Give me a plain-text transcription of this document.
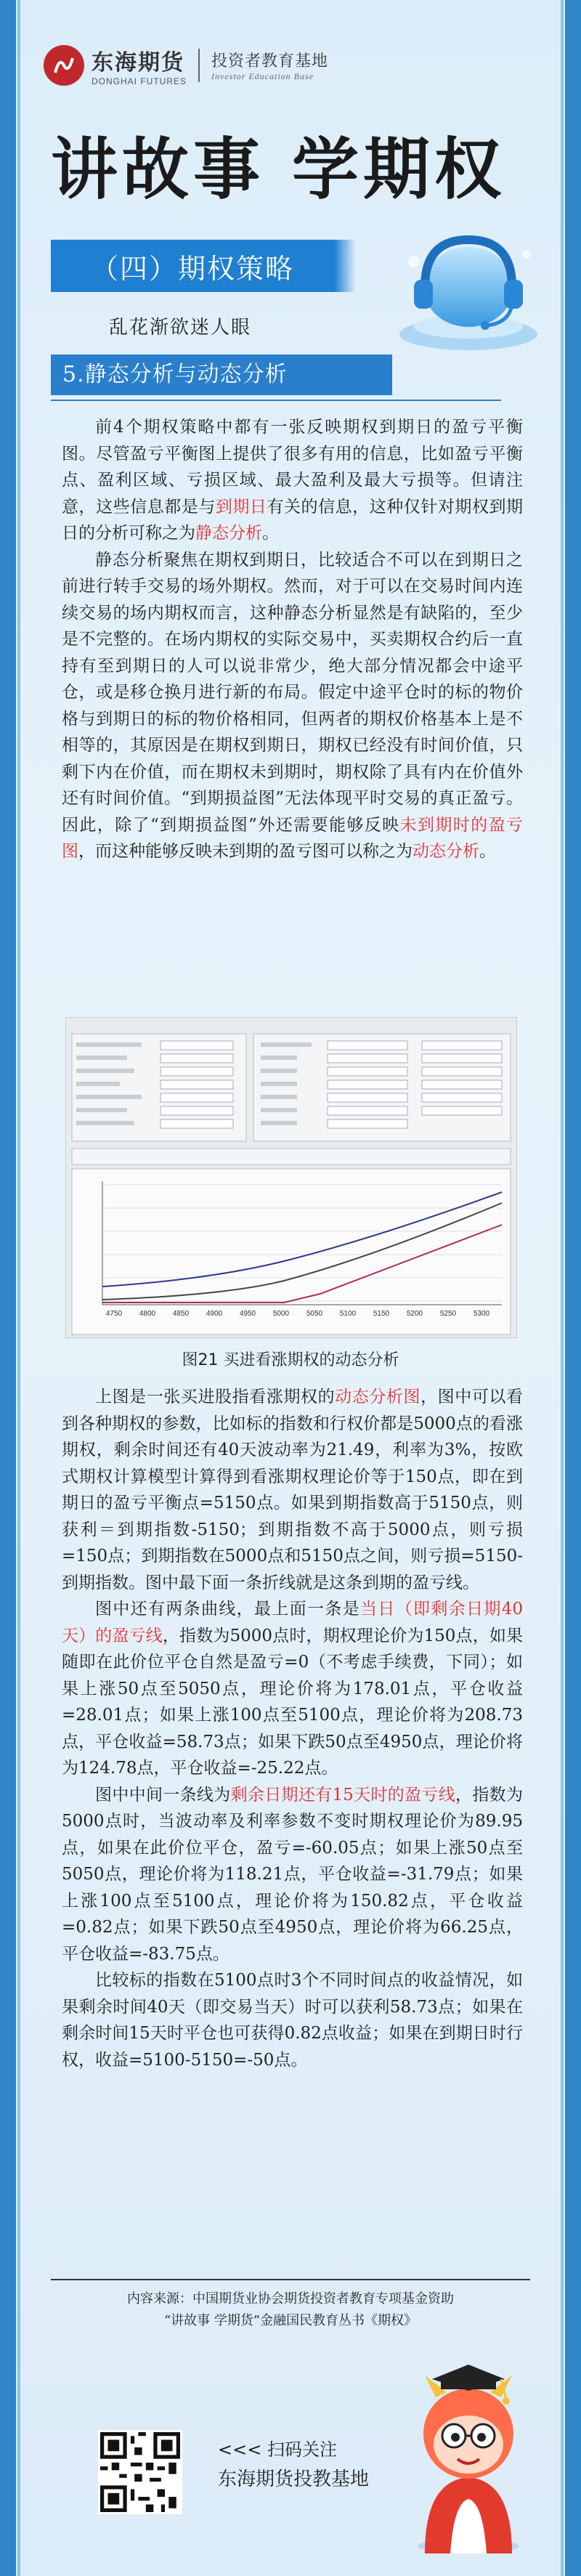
东海期货
DONGHAI FUTURES
投资者教育基地
Investor Education Base
讲故事 学期权
（四）期权策略
乱花渐欲迷人眼
5.静态分析与动态分析

前4个期权策略中都有一张反映期权到期日的盈亏平衡图。尽管盈亏平衡图上提供了很多有用的信息，比如盈亏平衡点、盈利区域、亏损区域、最大盈利及最大亏损等。但请注意，这些信息都是与到期日有关的信息，这种仅针对期权到期日的分析可称之为静态分析。

静态分析聚焦在期权到期日，比较适合不可以在到期日之前进行转手交易的场外期权。然而，对于可以在交易时间内连续交易的场内期权而言，这种静态分析显然是有缺陷的，至少是不完整的。在场内期权的实际交易中，买卖期权合约后一直持有至到期日的人可以说非常少，绝大部分情况都会中途平仓，或是移仓换月进行新的布局。假定中途平仓时的标的物价格与到期日的标的物价格相同，但两者的期权价格基本上是不相等的，其原因是在期权到期日，期权已经没有时间价值，只剩下内在价值，而在期权未到期时，期权除了具有内在价值外还有时间价值。“到期损益图”无法体现平时交易的真正盈亏。因此，除了“到期损益图”外还需要能够反映未到期时的盈亏图，而这种能够反映未到期的盈亏图可以称之为动态分析。

4750 4800 4850 4900 4950 5000 5050 5100 5150 5200 5250 5300
图21 买进看涨期权的动态分析

上图是一张买进股指看涨期权的动态分析图，图中可以看到各种期权的参数，比如标的指数和行权价都是5000点的看涨期权，剩余时间还有40天波动率为21.49，利率为3%，按欧式期权计算模型计算得到看涨期权理论价等于150点，即在到期日的盈亏平衡点=5150点。如果到期指数高于5150点，则获利＝到期指数-5150；到期指数不高于5000点，则亏损=150点；到期指数在5000点和5150点之间，则亏损=5150-到期指数。图中最下面一条折线就是这条到期的盈亏线。

图中还有两条曲线，最上面一条是当日（即剩余日期40天）的盈亏线，指数为5000点时，期权理论价为150点，如果随即在此价位平仓自然是盈亏=0（不考虑手续费，下同）；如果上涨50点至5050点，理论价将为178.01点，平仓收益=28.01点；如果上涨100点至5100点，理论价将为208.73点，平仓收益=58.73点；如果下跌50点至4950点，理论价将为124.78点，平仓收益=-25.22点。

图中中间一条线为剩余日期还有15天时的盈亏线，指数为5000点时，当波动率及利率参数不变时期权理论价为89.95点，如果在此价位平仓，盈亏=-60.05点；如果上涨50点至5050点，理论价将为118.21点，平仓收益=-31.79点；如果上涨100点至5100点，理论价将为150.82点，平仓收益=0.82点；如果下跌50点至4950点，理论价将为66.25点，平仓收益=-83.75点。

比较标的指数在5100点时3个不同时间点的收益情况，如果剩余时间40天（即交易当天）时可以获利58.73点；如果在剩余时间15天时平仓也可获得0.82点收益；如果在到期日时行权，收益=5100-5150=-50点。

内容来源：中国期货业协会期货投资者教育专项基金资助
“讲故事 学期货”金融国民教育丛书《期权》
<<< 扫码关注
东海期货投教基地
